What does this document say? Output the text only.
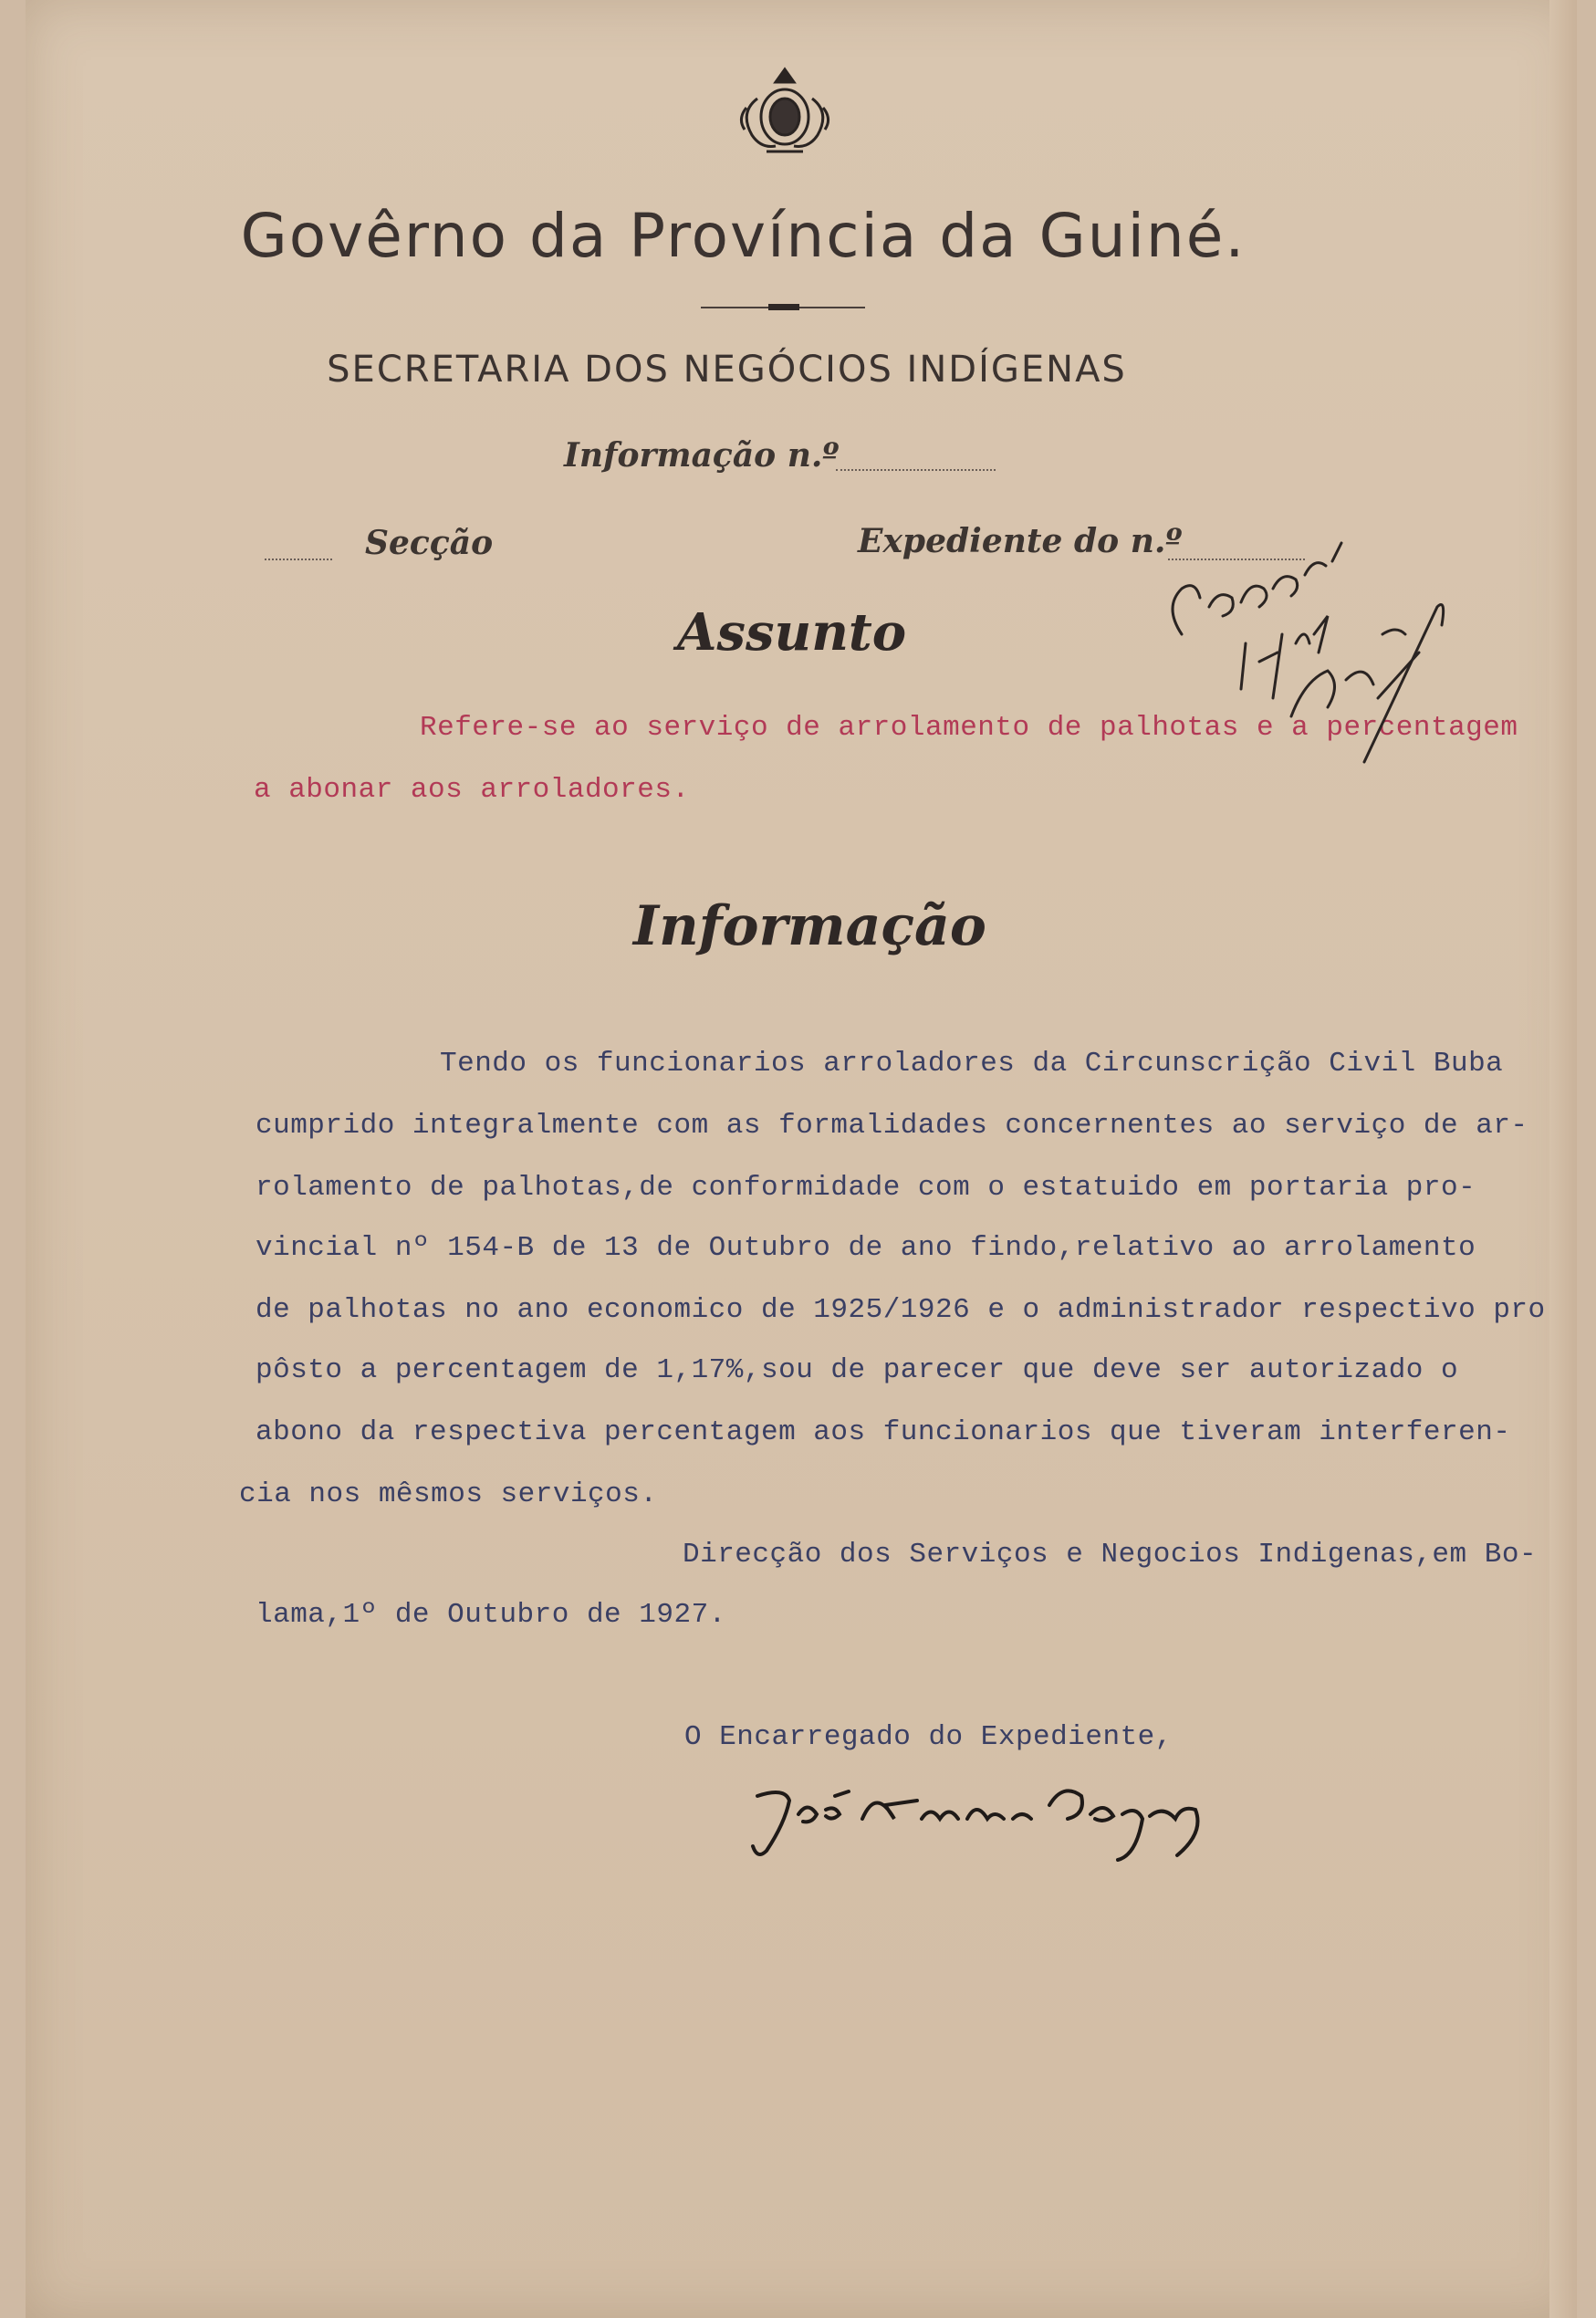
Govêrno da Província da Guiné.
SECRETARIA DOS NEGÓCIOS INDÍGENAS
Informação n.º
Secção	Expediente do n.º
Assunto
Refere-se ao serviço de arrolamento de palhotas e a percentagem
a abonar aos arroladores.
Informação
Tendo os funcionarios arroladores da Circunscrição Civil Buba
cumprido integralmente com as formalidades concernentes ao serviço de ar-
rolamento de palhotas,de conformidade com o estatuido em portaria pro-
vincial nº 154-B de 13 de Outubro de ano findo,relativo ao arrolamento
de palhotas no ano economico de 1925/1926 e o administrador respectivo pro
pôsto a percentagem de 1,17%,sou de parecer que deve ser autorizado o
abono da respectiva percentagem aos funcionarios que tiveram interferen-
cia nos mêsmos serviços.
Direcção dos Serviços e Negocios Indigenas,em Bo-
lama,1º de Outubro de 1927.
O Encarregado do Expediente,
